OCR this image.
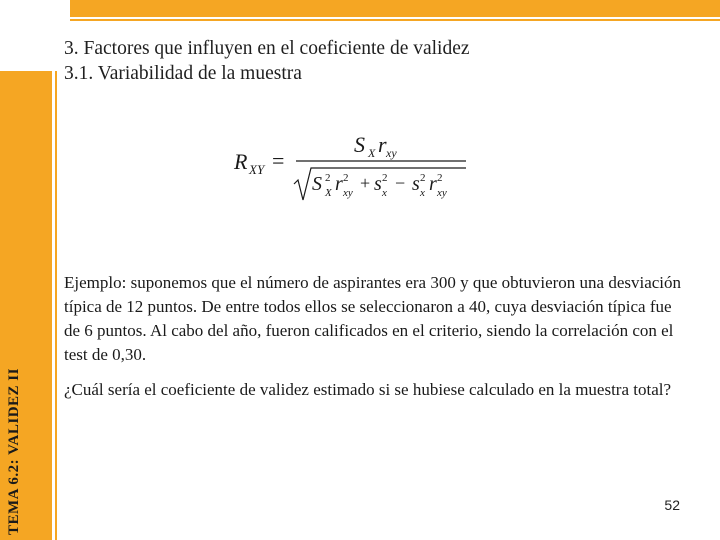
TEMA 6.2: VALIDEZ II
3. Factores que influyen en el coeficiente de validez
3.1. Variabilidad de la muestra
R XY =
S X r xy
S 2
X r 2
xy + s 2
x − s 2
x r 2
xy
Ejemplo: suponemos que el número de aspirantes era 300 y que obtuvieron una desviación típica de 12 puntos. De entre todos ellos se seleccionaron a 40, cuya desviación típica fue de 6 puntos. Al cabo del año, fueron calificados en el criterio, siendo la correlación con el test de 0,30.
¿Cuál sería el coeficiente de validez estimado si se hubiese calculado en la muestra total?
52
